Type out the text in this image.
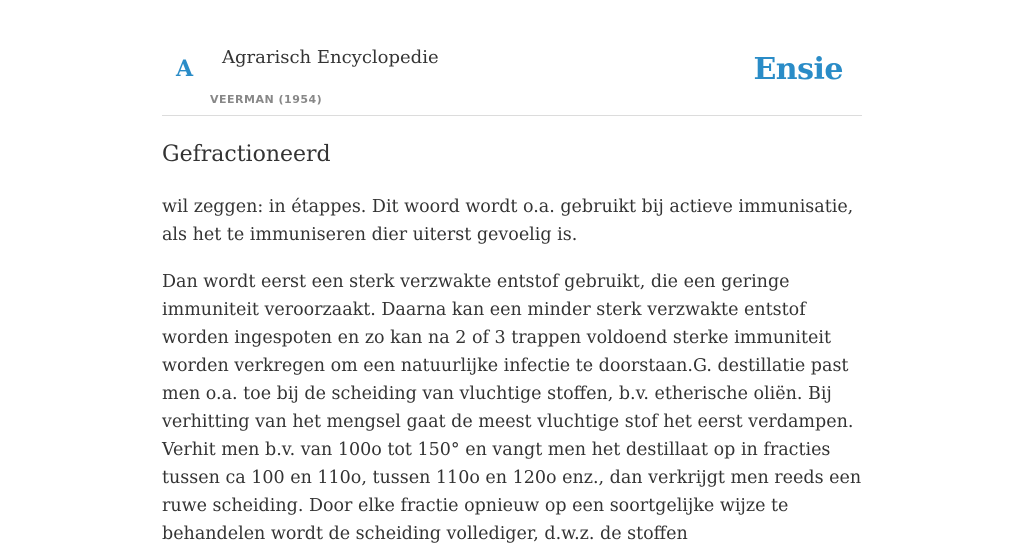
A Agrarisch Encyclopedie
VEERMAN (1954)
Ensie
Gefractioneerd

wil zeggen: in étappes. Dit woord wordt o.a. gebruikt bij actieve immunisatie, als het te immuniseren dier uiterst gevoelig is.

Dan wordt eerst een sterk verzwakte entstof gebruikt, die een geringe immuniteit veroorzaakt. Daarna kan een minder sterk verzwakte entstof worden ingespoten en zo kan na 2 of 3 trappen voldoend sterke immuniteit worden verkregen om een natuurlijke infectie te doorstaan.G. destillatie past men o.a. toe bij de scheiding van vluchtige stoffen, b.v. etherische oliën. Bij verhitting van het mengsel gaat de meest vluchtige stof het eerst verdampen. Verhit men b.v. van 100o tot 150° en vangt men het destillaat op in fracties tussen ca 100 en 110o, tussen 110o en 120o enz., dan verkrijgt men reeds een ruwe scheiding. Door elke fractie opnieuw op een soortgelijke wijze te behandelen wordt de scheiding vollediger, d.w.z. de stoffen
